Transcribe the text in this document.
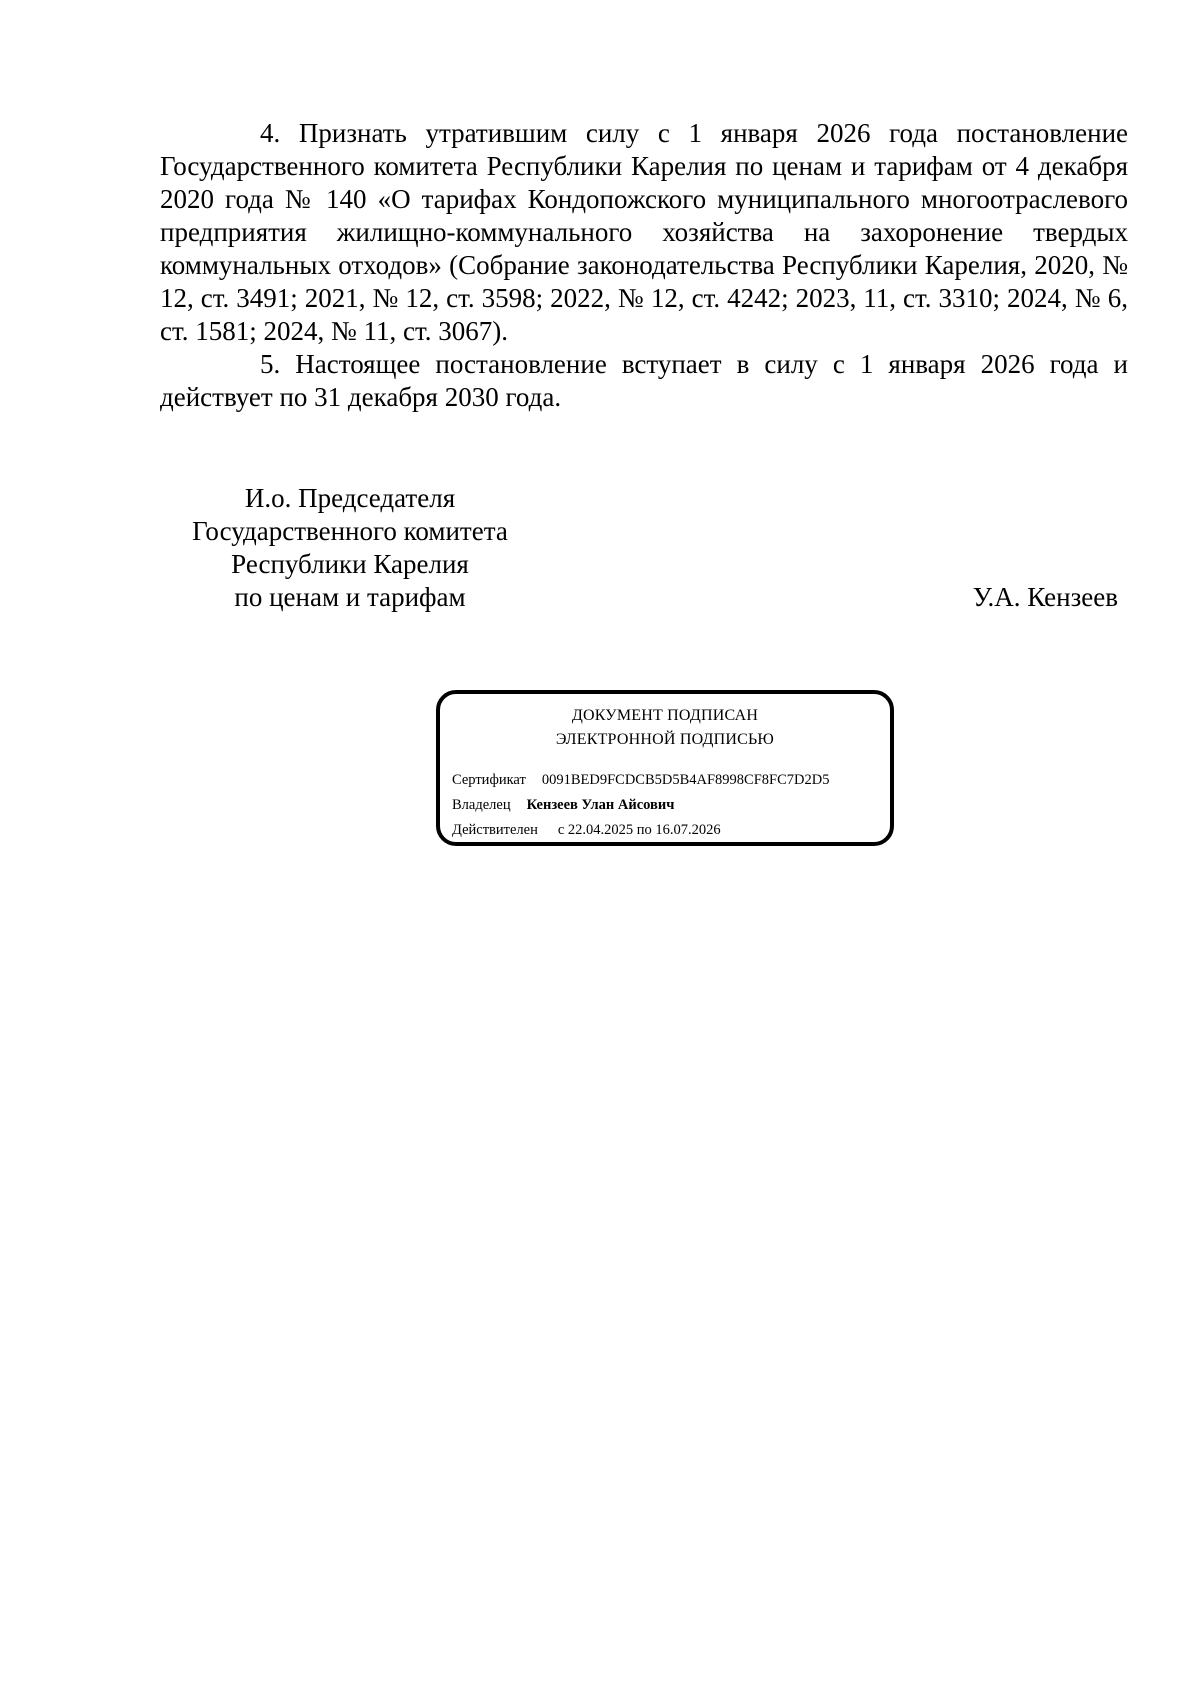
4. Признать утратившим силу с 1 января 2026 года постановление Государственного комитета Республики Карелия по ценам и тарифам от 4 декабря 2020 года № 140 «О тарифах Кондопожского муниципального многоотраслевого предприятия жилищно-коммунального хозяйства на захоронение твердых коммунальных отходов» (Собрание законодательства Республики Карелия, 2020, № 12, ст. 3491; 2021, № 12, ст. 3598; 2022, № 12, ст. 4242; 2023, 11, ст. 3310; 2024, № 6, ст. 1581; 2024, № 11, ст. 3067).

5. Настоящее постановление вступает в силу с 1 января 2026 года и действует по 31 декабря 2030 года.

И.о. Председателя
Государственного комитета
Республики Карелия
по ценам и тарифам	У.А. Кензеев
ДОКУМЕНТ ПОДПИСАН
ЭЛЕКТРОННОЙ ПОДПИСЬЮ
Сертификат 0091BED9FCDCB5D5B4AF8998CF8FC7D2D5
Владелец Кензеев Улан Айсович
Действителен с 22.04.2025 по 16.07.2026
